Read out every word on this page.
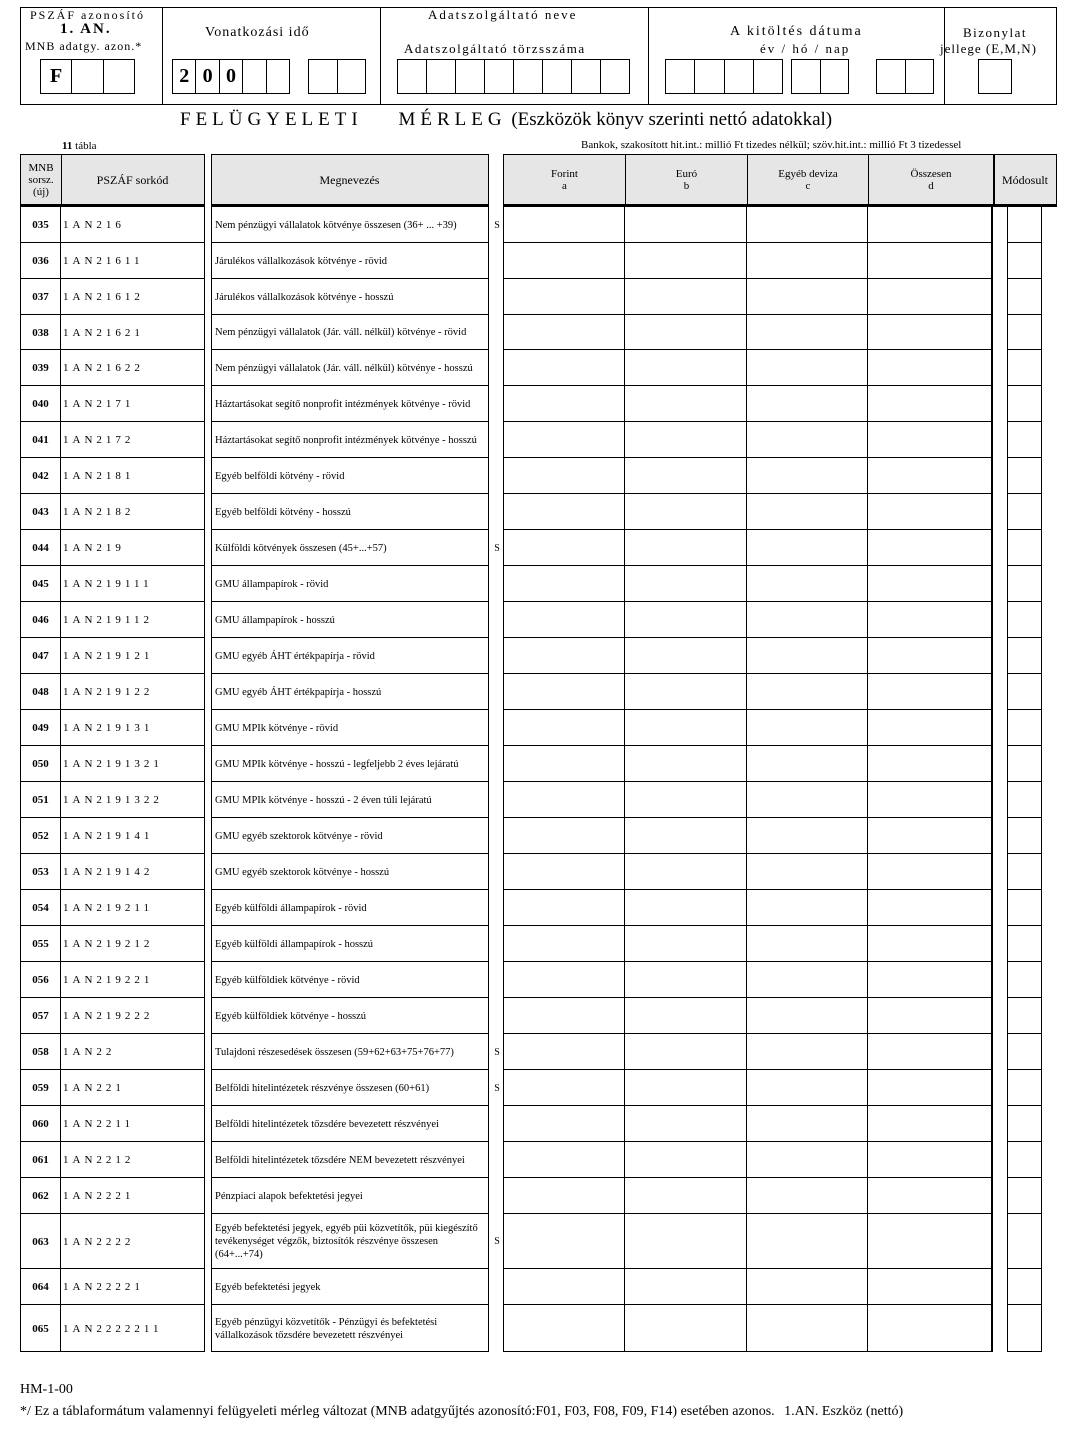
PSZÁF azonosító
1. AN.
MNB adatgy. azon.*
F
Vonatkozási idő
2 0 0
Adatszolgáltató neve
Adatszolgáltató törzsszáma
A kitöltés dátuma
év / hó / nap
Bizonylat
jellege (E,M,N)
FELÜGYELETI MÉRLEG (Eszközök könyv szerinti nettó adatokkal)
11 tábla	Bankok, szakosított hit.int.: millió Ft tizedes nélkül; szöv.hit.int.: millió Ft 3 tizedessel
MNB
sorsz.
(új)
PSZÁF sorkód	Megnevezés	Forint
a
Euró
b
Egyéb deviza
c
Összesen
d	Módosult
035	1AN216	Nem pénzügyi vállalatok kötvénye összesen (36+ ... +39)	S
036	1AN21611	Járulékos vállalkozások kötvénye - rövid
037	1AN21612	Járulékos vállalkozások kötvénye - hosszú
038	1AN21621	Nem pénzügyi vállalatok (Jár. váll. nélkül) kötvénye - rövid
039	1AN21622	Nem pénzügyi vállalatok (Jár. váll. nélkül) kötvénye - hosszú
040	1AN2171	Háztartásokat segítő nonprofit intézmények kötvénye - rövid
041	1AN2172	Háztartásokat segítő nonprofit intézmények kötvénye - hosszú
042	1AN2181	Egyéb belföldi kötvény - rövid
043	1AN2182	Egyéb belföldi kötvény - hosszú
044	1AN219	Külföldi kötvények összesen (45+...+57)	S
045	1AN219111	GMU állampapírok - rövid
046	1AN219112	GMU állampapírok - hosszú
047	1AN219121	GMU egyéb ÁHT értékpapírja - rövid
048	1AN219122	GMU egyéb ÁHT értékpapírja - hosszú
049	1AN219131	GMU MPIk kötvénye - rövid
050	1AN2191321	GMU MPIk kötvénye - hosszú - legfeljebb 2 éves lejáratú
051	1AN2191322	GMU MPIk kötvénye - hosszú - 2 éven túli lejáratú
052	1AN219141	GMU egyéb szektorok kötvénye - rövid
053	1AN219142	GMU egyéb szektorok kötvénye - hosszú
054	1AN219211	Egyéb külföldi állampapírok - rövid
055	1AN219212	Egyéb külföldi állampapírok - hosszú
056	1AN219221	Egyéb külföldiek kötvénye - rövid
057	1AN219222	Egyéb külföldiek kötvénye - hosszú
058	1AN22	Tulajdoni részesedések összesen (59+62+63+75+76+77)	S
059	1AN221	Belföldi hitelintézetek részvénye összesen (60+61)	S
060	1AN2211	Belföldi hitelintézetek tőzsdére bevezetett részvényei
061	1AN2212	Belföldi hitelintézetek tőzsdére NEM bevezetett részvényei
062	1AN2221	Pénzpiaci alapok befektetési jegyei
063	1AN2222
Egyéb befektetési jegyek, egyéb püi közvetítők, püi kiegészítő tevékenységet végzők, biztosítók részvénye összesen (64+...+74)
S
064	1AN22221	Egyéb befektetési jegyek
065	1AN2222211
Egyéb pénzügyi közvetítők - Pénzügyi és befektetési vállalkozások tőzsdére bevezetett részvényei
HM-1-00
*/ Ez a táblaformátum valamennyi felügyeleti mérleg változat (MNB adatgyűjtés azonosító:F01, F03, F08, F09, F14) esetében azonos. 1.AN. Eszköz (nettó)
